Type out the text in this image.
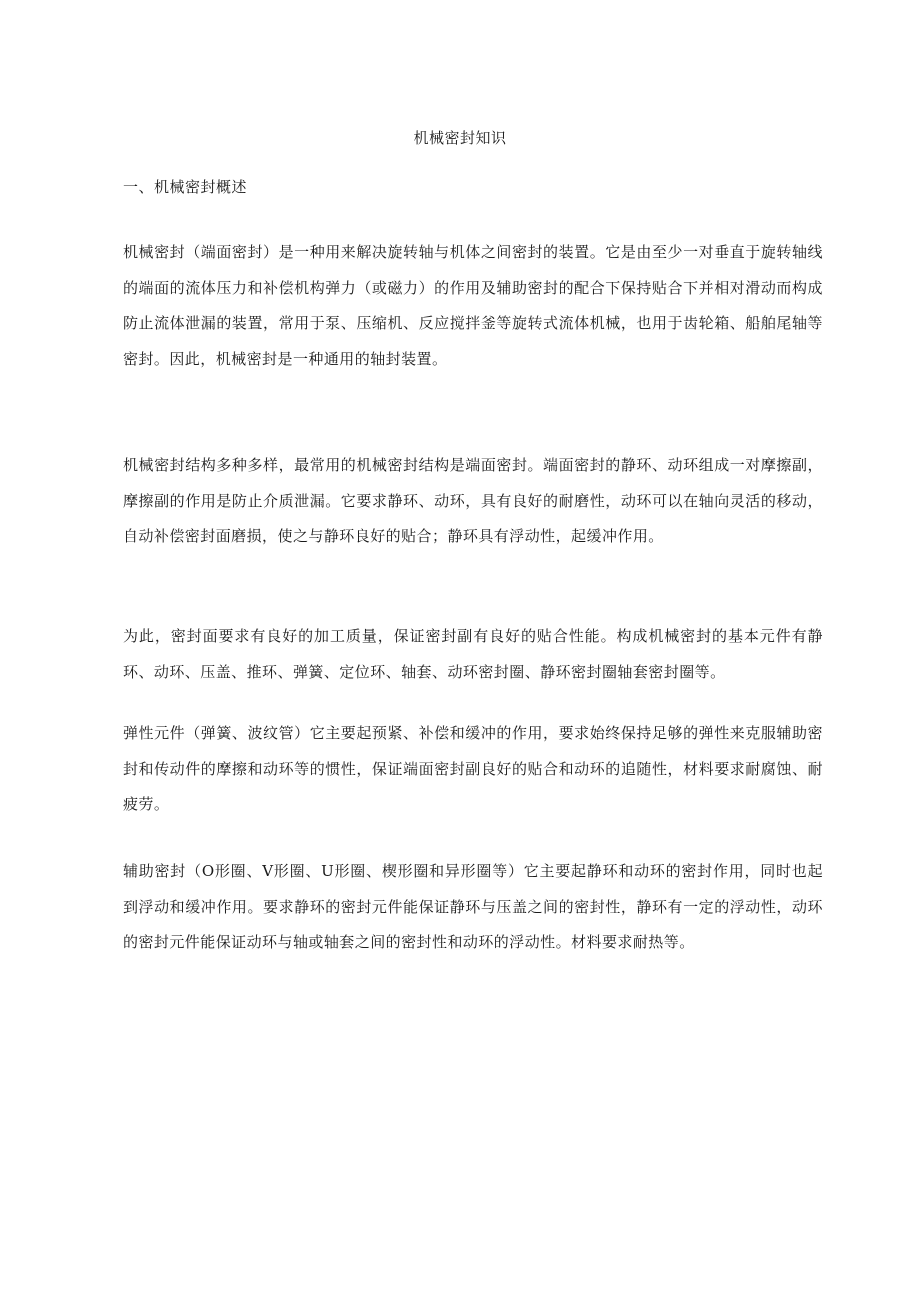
机械密封知识
一、机械密封概述

机械密封（端面密封）是一种用来解决旋转轴与机体之间密封的装置。它是由至少一对垂直于旋转轴线的端面的流体压力和补偿机构弹力（或磁力）的作用及辅助密封的配合下保持贴合下并相对滑动而构成防止流体泄漏的装置，常用于泵、压缩机、反应搅拌釜等旋转式流体机械，也用于齿轮箱、船舶尾轴等密封。因此，机械密封是一种通用的轴封装置。

机械密封结构多种多样，最常用的机械密封结构是端面密封。端面密封的静环、动环组成一对摩擦副，摩擦副的作用是防止介质泄漏。它要求静环、动环，具有良好的耐磨性，动环可以在轴向灵活的移动，自动补偿密封面磨损，使之与静环良好的贴合；静环具有浮动性，起缓冲作用。

为此，密封面要求有良好的加工质量，保证密封副有良好的贴合性能。构成机械密封的基本元件有静环、动环、压盖、推环、弹簧、定位环、轴套、动环密封圈、静环密封圈轴套密封圈等。

弹性元件（弹簧、波纹管）它主要起预紧、补偿和缓冲的作用，要求始终保持足够的弹性来克服辅助密封和传动件的摩擦和动环等的惯性，保证端面密封副良好的贴合和动环的追随性，材料要求耐腐蚀、耐疲劳。

辅助密封（O形圈、V形圈、U形圈、楔形圈和异形圈等）它主要起静环和动环的密封作用，同时也起到浮动和缓冲作用。要求静环的密封元件能保证静环与压盖之间的密封性，静环有一定的浮动性，动环的密封元件能保证动环与轴或轴套之间的密封性和动环的浮动性。材料要求耐热等。
